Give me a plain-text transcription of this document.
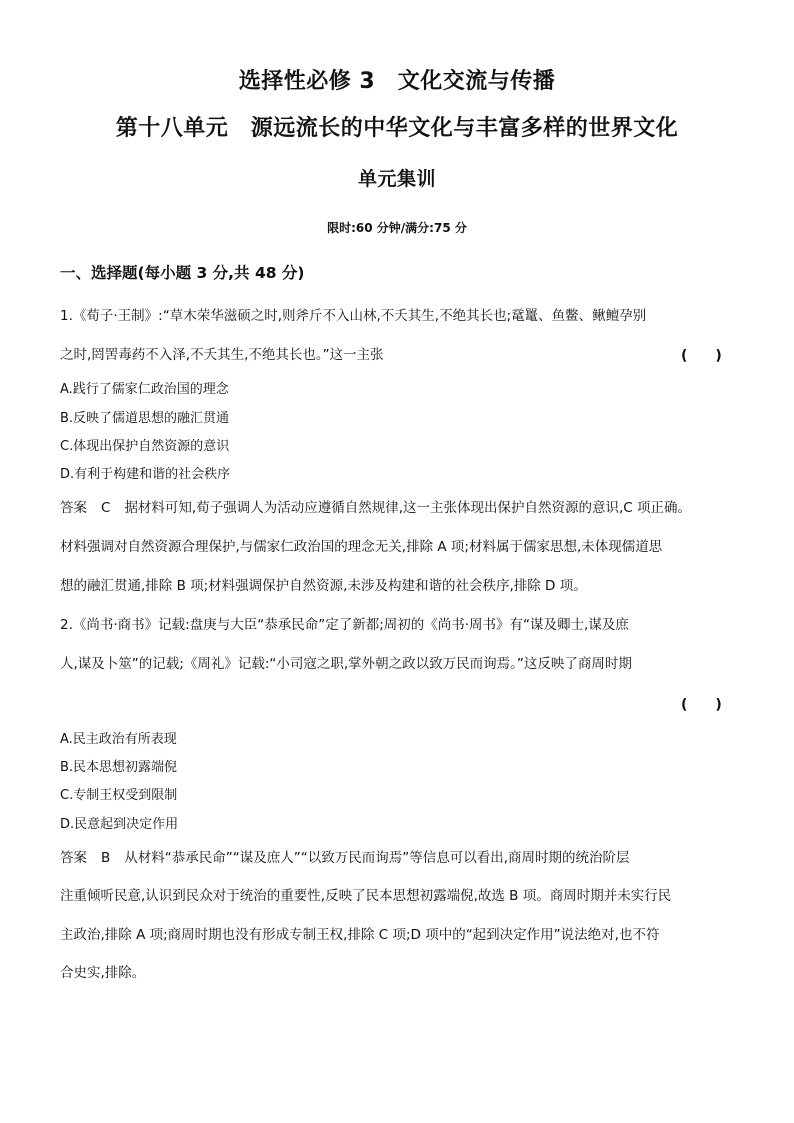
选择性必修 3　文化交流与传播
第十八单元　源远流长的中华文化与丰富多样的世界文化
单元集训
限时:60 分钟/满分:75 分
一、选择题(每小题 3 分,共 48 分)
1.《荀子·王制》:“草木荣华滋硕之时,则斧斤不入山林,不夭其生,不绝其长也;鼋鼍、鱼鳖、鳅鳣孕别
之时,罔罟毒药不入泽,不夭其生,不绝其长也。”这一主张	(　　)
A.践行了儒家仁政治国的理念
B.反映了儒道思想的融汇贯通
C.体现出保护自然资源的意识
D.有利于构建和谐的社会秩序
答案 C 据材料可知,荀子强调人为活动应遵循自然规律,这一主张体现出保护自然资源的意识,C 项正确。
材料强调对自然资源合理保护,与儒家仁政治国的理念无关,排除 A 项;材料属于儒家思想,未体现儒道思
想的融汇贯通,排除 B 项;材料强调保护自然资源,未涉及构建和谐的社会秩序,排除 D 项。
2.《尚书·商书》记载:盘庚与大臣“恭承民命”定了新都;周初的《尚书·周书》有“谋及卿士,谋及庶
人,谋及卜筮”的记载;《周礼》记载:“小司寇之职,掌外朝之政以致万民而询焉。”这反映了商周时期
(　　)
A.民主政治有所表现
B.民本思想初露端倪
C.专制王权受到限制
D.民意起到决定作用
答案 B 从材料“恭承民命”“谋及庶人”“以致万民而询焉”等信息可以看出,商周时期的统治阶层
注重倾听民意,认识到民众对于统治的重要性,反映了民本思想初露端倪,故选 B 项。商周时期并未实行民
主政治,排除 A 项;商周时期也没有形成专制王权,排除 C 项;D 项中的“起到决定作用”说法绝对,也不符
合史实,排除。
